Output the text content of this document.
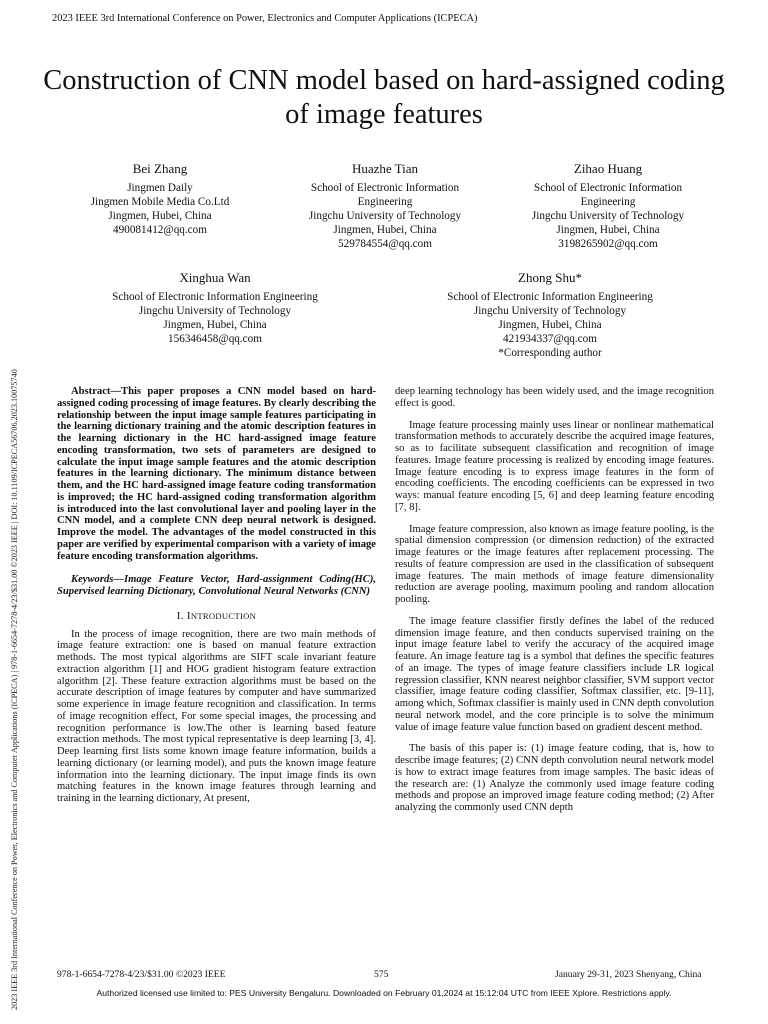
2023 IEEE 3rd International Conference on Power, Electronics and Computer Applications (ICPECA)
2023 IEEE 3rd International Conference on Power, Electronics and Computer Applications (ICPECA) | 978-1-6654-7278-4/23/$31.00 ©2023 IEEE | DOI: 10.1109/ICPECA56706.2023.10075740
Construction of CNN model based on hard-assigned coding of image features
Bei Zhang
Jingmen Daily
Jingmen Mobile Media Co.Ltd
Jingmen, Hubei, China
490081412@qq.com
Huazhe Tian
School of Electronic Information
Engineering
Jingchu University of Technology
Jingmen, Hubei, China
529784554@qq.com
Zihao Huang
School of Electronic Information
Engineering
Jingchu University of Technology
Jingmen, Hubei, China
3198265902@qq.com
Xinghua Wan
School of Electronic Information Engineering
Jingchu University of Technology
Jingmen, Hubei, China
156346458@qq.com
Zhong Shu*
School of Electronic Information Engineering
Jingchu University of Technology
Jingmen, Hubei, China
421934337@qq.com
*Corresponding author

Abstract—This paper proposes a CNN model based on hard-assigned coding processing of image features. By clearly describing the relationship between the input image sample features participating in the learning dictionary training and the atomic description features in the learning dictionary in the HC hard-assigned image feature encoding transformation, two sets of parameters are designed to calculate the input image sample features and the atomic description features in the learning dictionary. The minimum distance between them, and the HC hard-assigned image feature coding transformation is improved; the HC hard-assigned coding transformation algorithm is introduced into the last convolutional layer and pooling layer in the CNN model, and a complete CNN deep neural network is designed. Improve the model. The advantages of the model constructed in this paper are verified by experimental comparison with a variety of image feature encoding transformation algorithms.

Keywords—Image Feature Vector, Hard-assignment Coding(HC), Supervised learning Dictionary, Convolutional Neural Networks (CNN)

I. INTRODUCTION

In the process of image recognition, there are two main methods of image feature extraction: one is based on manual feature extraction methods. The most typical algorithms are SIFT scale invariant feature extraction algorithm [1] and HOG gradient histogram feature extraction algorithm [2]. These feature extraction algorithms must be based on the accurate description of image features by computer and have summarized some experience in image feature recognition and classification. In terms of image recognition effect, For some special images, the processing and recognition performance is low.The other is learning based feature extraction methods. The most typical representative is deep learning [3, 4]. Deep learning first lists some known image feature information, builds a learning dictionary (or learning model), and puts the known image feature information into the learning dictionary. The input image finds its own matching features in the known image features through learning and training in the learning dictionary, At present,

deep learning technology has been widely used, and the image recognition effect is good.

Image feature processing mainly uses linear or nonlinear mathematical transformation methods to accurately describe the acquired image features, so as to facilitate subsequent classification and recognition of image features. Image feature processing is realized by encoding image features. Image feature encoding is to express image features in the form of encoding coefficients. The encoding coefficients can be expressed in two ways: manual feature encoding [5, 6] and deep learning feature encoding [7, 8].

Image feature compression, also known as image feature pooling, is the spatial dimension compression (or dimension reduction) of the extracted image features or the image features after replacement processing. The results of feature compression are used in the classification of subsequent image features. The main methods of image feature dimensionality reduction are average pooling, maximum pooling and random allocation pooling.

The image feature classifier firstly defines the label of the reduced dimension image feature, and then conducts supervised training on the input image feature label to verify the accuracy of the acquired image feature. An image feature tag is a symbol that defines the specific features of an image. The types of image feature classifiers include LR logical regression classifier, KNN nearest neighbor classifier, SVM support vector classifier, image feature coding classifier, Softmax classifier, etc. [9-11], among which, Softmax classifier is mainly used in CNN depth convolution neural network model, and the core principle is to solve the minimum value of image feature value function based on gradient descent method.

The basis of this paper is: (1) image feature coding, that is, how to describe image features; (2) CNN depth convolution neural network model is how to extract image features from image samples. The basic ideas of the research are: (1) Analyze the commonly used image feature coding methods and propose an improved image feature coding method; (2) After analyzing the commonly used CNN depth

978-1-6654-7278-4/23/$31.00 ©2023 IEEE	575	January 29-31, 2023 Shenyang, China
Authorized licensed use limited to: PES University Bengaluru. Downloaded on February 01,2024 at 15:12:04 UTC from IEEE Xplore. Restrictions apply.
